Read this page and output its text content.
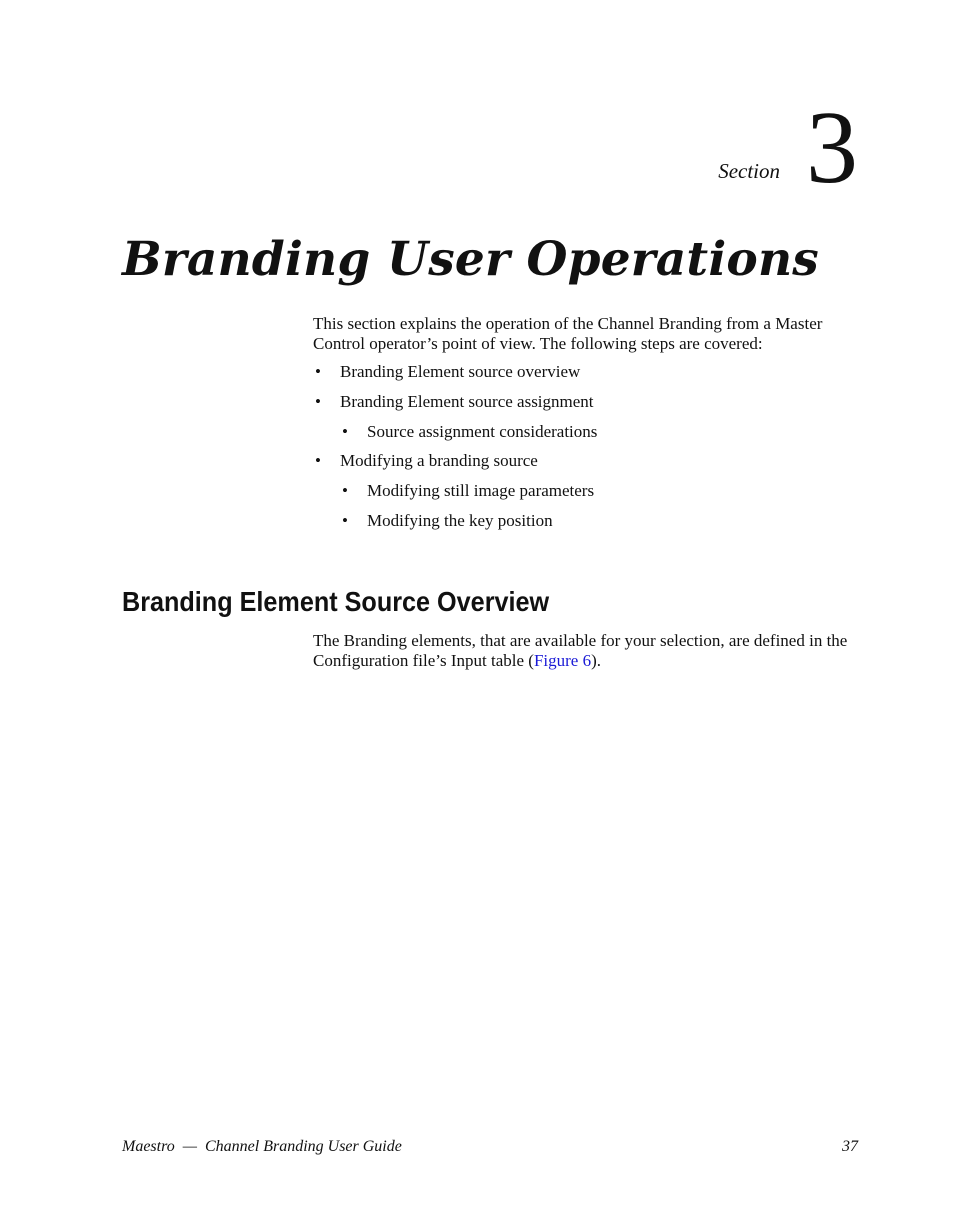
Section 3
Branding User Operations

This section explains the operation of the Channel Branding from a Master Control operator’s point of view. The following steps are covered:

• Branding Element source overview
• Branding Element source assignment
• Source assignment considerations
• Modifying a branding source
• Modifying still image parameters
• Modifying the key position
Branding Element Source Overview

The Branding elements, that are available for your selection, are defined in the Configuration file’s Input table (Figure 6).

Maestro — Channel Branding User Guide	37
